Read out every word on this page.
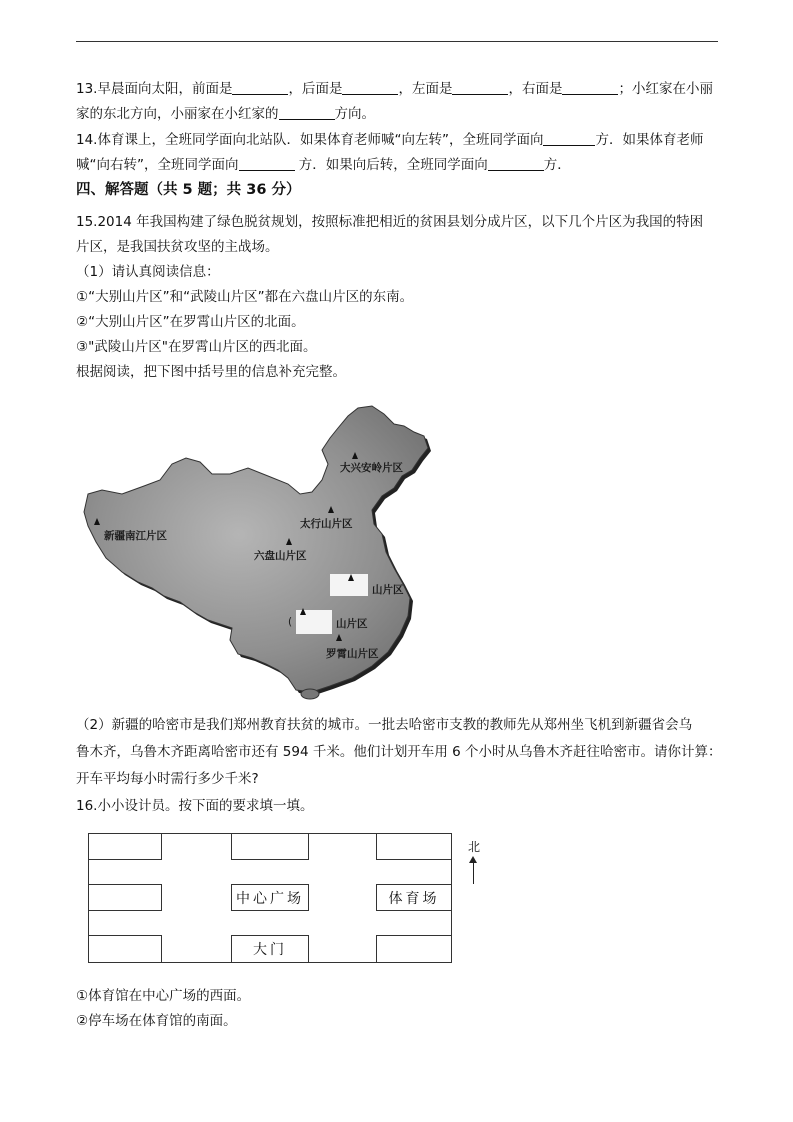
13.早晨面向太阳，前面是	，后面是	，左面是	，右面是	；小红家在小丽
家的东北方向，小丽家在小红家的	方向。
14.体育课上，全班同学面向北站队．如果体育老师喊“向左转”，全班同学面向	方．如果体育老师
喊“向右转”，全班同学面向	方．如果向后转，全班同学面向	方．
四、解答题（共 5 题；共 36 分）
15.2014 年我国构建了绿色脱贫规划，按照标准把相近的贫困县划分成片区，以下几个片区为我国的特困
片区，是我国扶贫攻坚的主战场。
（1）请认真阅读信息：
①“大别山片区”和“武陵山片区”都在六盘山片区的东南。
②“大别山片区”在罗霄山片区的北面。
③"武陵山片区"在罗霄山片区的西北面。
根据阅读，把下图中括号里的信息补充完整。
大兴安岭片区
太行山片区
新疆南江片区
六盘山片区
山片区
(	山片区
罗霄山片区
（2）新疆的哈密市是我们郑州教育扶贫的城市。一批去哈密市支教的教师先从郑州坐飞机到新疆省会乌
鲁木齐，乌鲁木齐距离哈密市还有 594 千米。他们计划开车用 6 个小时从乌鲁木齐赶往哈密市。请你计算：
开车平均每小时需行多少千米?
16.小小设计员。按下面的要求填一填。
中心广场	体育场
大门
北
①体育馆在中心广场的西面。
②停车场在体育馆的南面。
